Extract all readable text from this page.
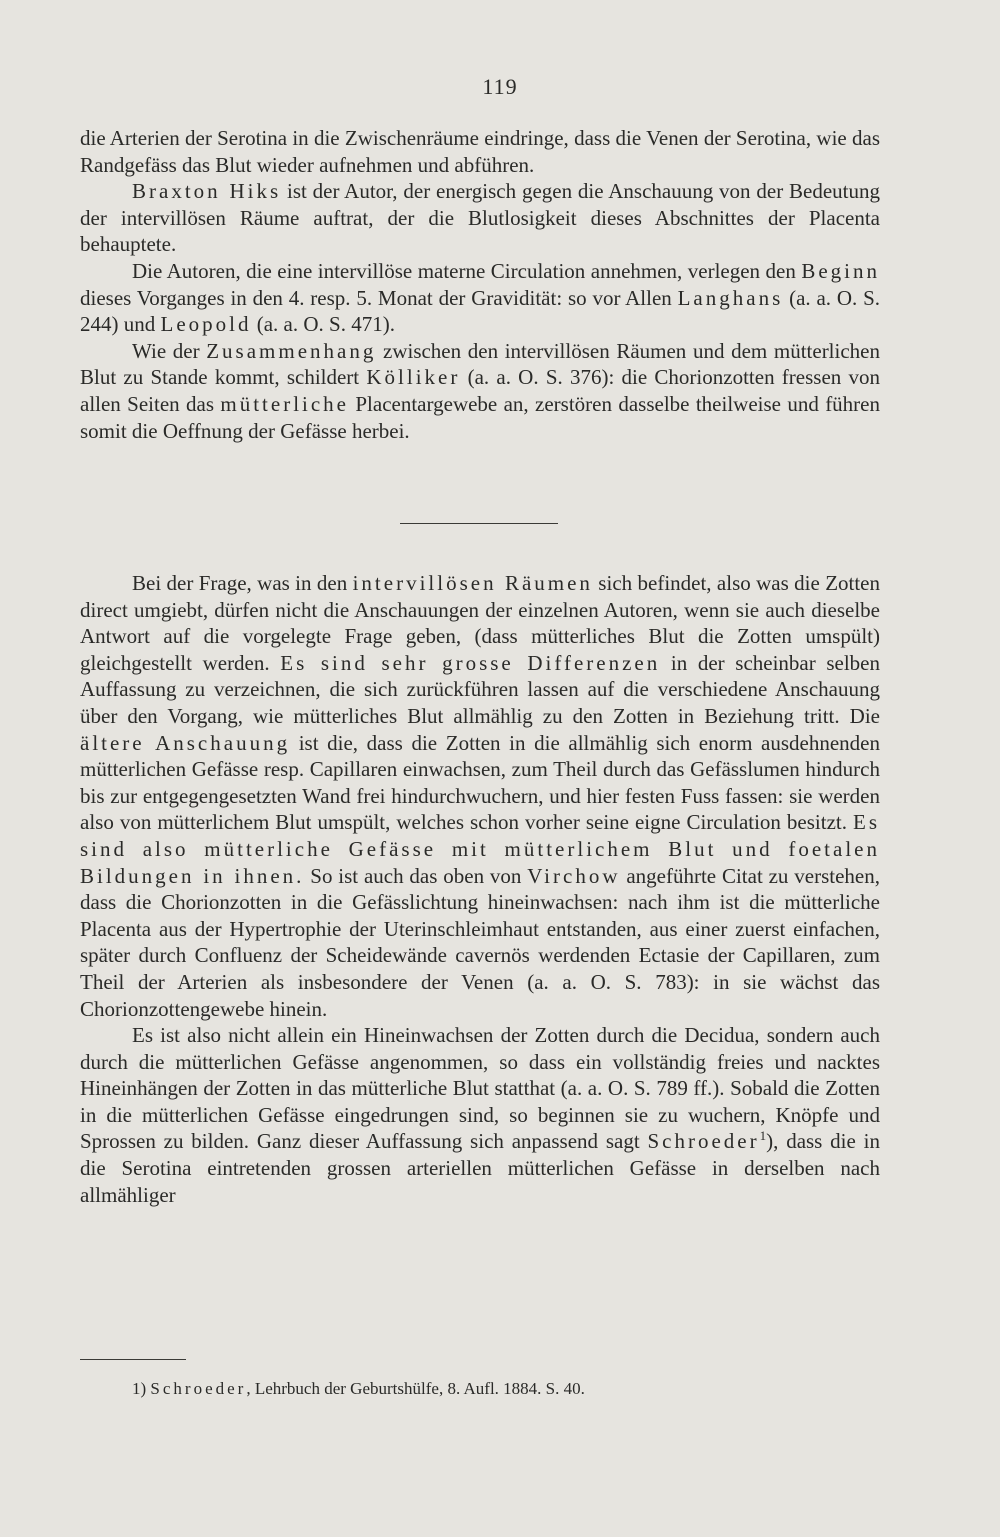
119

die Arterien der Serotina in die Zwischenräume eindringe, dass die Venen der Serotina, wie das Randgefäss das Blut wieder aufnehmen und abführen.

Braxton Hiks ist der Autor, der energisch gegen die Anschauung von der Bedeutung der intervillösen Räume auftrat, der die Blutlosigkeit dieses Abschnittes der Placenta behauptete.

Die Autoren, die eine intervillöse materne Circulation annehmen, verlegen den Beginn dieses Vorganges in den 4. resp. 5. Monat der Gravidität: so vor Allen Langhans (a. a. O. S. 244) und Leopold (a. a. O. S. 471).

Wie der Zusammenhang zwischen den intervillösen Räumen und dem mütterlichen Blut zu Stande kommt, schildert Kölliker (a. a. O. S. 376): die Chorionzotten fressen von allen Seiten das mütterliche Placentargewebe an, zerstören dasselbe theilweise und führen somit die Oeffnung der Gefässe herbei.

Bei der Frage, was in den intervillösen Räumen sich befindet, also was die Zotten direct umgiebt, dürfen nicht die Anschauungen der einzelnen Autoren, wenn sie auch dieselbe Antwort auf die vorgelegte Frage geben, (dass mütterliches Blut die Zotten umspült) gleichgestellt werden. Es sind sehr grosse Differenzen in der scheinbar selben Auffassung zu verzeichnen, die sich zurückführen lassen auf die verschiedene Anschauung über den Vorgang, wie mütterliches Blut allmählig zu den Zotten in Beziehung tritt. Die ältere Anschauung ist die, dass die Zotten in die allmählig sich enorm ausdehnenden mütterlichen Gefässe resp. Capillaren einwachsen, zum Theil durch das Gefässlumen hindurch bis zur entgegengesetzten Wand frei hindurchwuchern, und hier festen Fuss fassen: sie werden also von mütterlichem Blut umspült, welches schon vorher seine eigne Circulation besitzt. Es sind also mütterliche Gefässe mit mütterlichem Blut und foetalen Bildungen in ihnen. So ist auch das oben von Virchow angeführte Citat zu verstehen, dass die Chorionzotten in die Gefässlichtung hineinwachsen: nach ihm ist die mütterliche Placenta aus der Hypertrophie der Uterinschleimhaut entstanden, aus einer zuerst einfachen, später durch Confluenz der Scheidewände cavernös werdenden Ectasie der Capillaren, zum Theil der Arterien als insbesondere der Venen (a. a. O. S. 783): in sie wächst das Chorionzottengewebe hinein.

Es ist also nicht allein ein Hineinwachsen der Zotten durch die Decidua, sondern auch durch die mütterlichen Gefässe angenommen, so dass ein vollständig freies und nacktes Hineinhängen der Zotten in das mütterliche Blut statthat (a. a. O. S. 789 ff.). Sobald die Zotten in die mütterlichen Gefässe eingedrungen sind, so beginnen sie zu wuchern, Knöpfe und Sprossen zu bilden. Ganz dieser Auffassung sich anpassend sagt Schroeder$^1$), dass die in die Serotina eintretenden grossen arteriellen mütterlichen Gefässe in derselben nach allmähliger

1) Schroeder, Lehrbuch der Geburtshülfe, 8. Aufl. 1884. S. 40.
